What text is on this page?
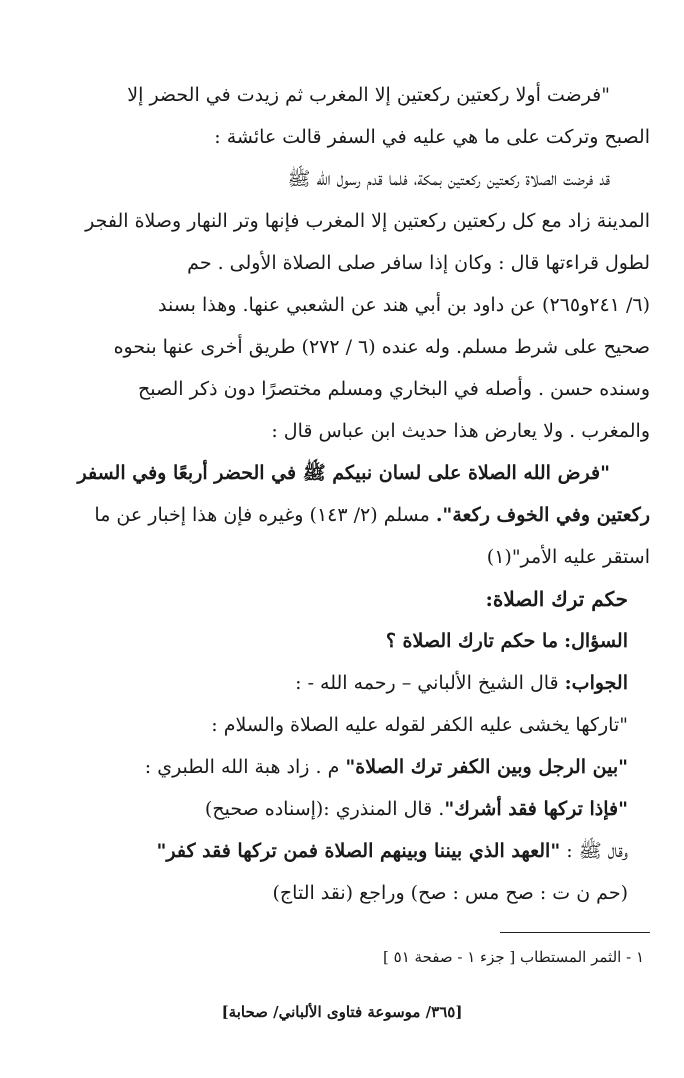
"فرضت أولا ركعتين ركعتين إلا المغرب ثم زيدت في الحضر إلا
الصبح وتركت على ما هي عليه في السفر قالت عائشة :
قد فرضت الصلاة ركعتين ركعتين بمكة، فلما قدم رسول الله ﷺ
المدينة زاد مع كل ركعتين ركعتين إلا المغرب فإنها وتر النهار وصلاة الفجر
لطول قراءتها قال : وكان إذا سافر صلى الصلاة الأولى . حم
(٦/ ٢٤١و٢٦٥) عن داود بن أبي هند عن الشعبي عنها. وهذا بسند
صحيح على شرط مسلم. وله عنده (٦ / ٢٧٢) طريق أخرى عنها بنحوه
وسنده حسن . وأصله في البخاري ومسلم مختصرًا دون ذكر الصبح
والمغرب . ولا يعارض هذا حديث ابن عباس قال :
"فرض الله الصلاة على لسان نبيكم ﷺ في الحضر أربعًا وفي السفر
ركعتين وفي الخوف ركعة". مسلم (٢/ ١٤٣) وغيره فإن هذا إخبار عن ما
استقر عليه الأمر"(١)
حكم ترك الصلاة:
السؤال: ما حكم تارك الصلاة ؟
الجواب: قال الشيخ الألباني – رحمه الله - :
"تاركها يخشى عليه الكفر لقوله عليه الصلاة والسلام :
"بين الرجل وبين الكفر ترك الصلاة" م . زاد هبة الله الطبري :
"فإذا تركها فقد أشرك". قال المنذري :(إسناده صحيح)
وقال ﷺ : "العهد الذي بيننا وبينهم الصلاة فمن تركها فقد كفر"
(حم ن ت : صح مس : صح) وراجع (نقد التاج)
١ - الثمر المستطاب [ جزء ١ - صفحة ٥١ ]
[٣٦٥/ موسوعة فتاوى الألباني/ صحابة]
